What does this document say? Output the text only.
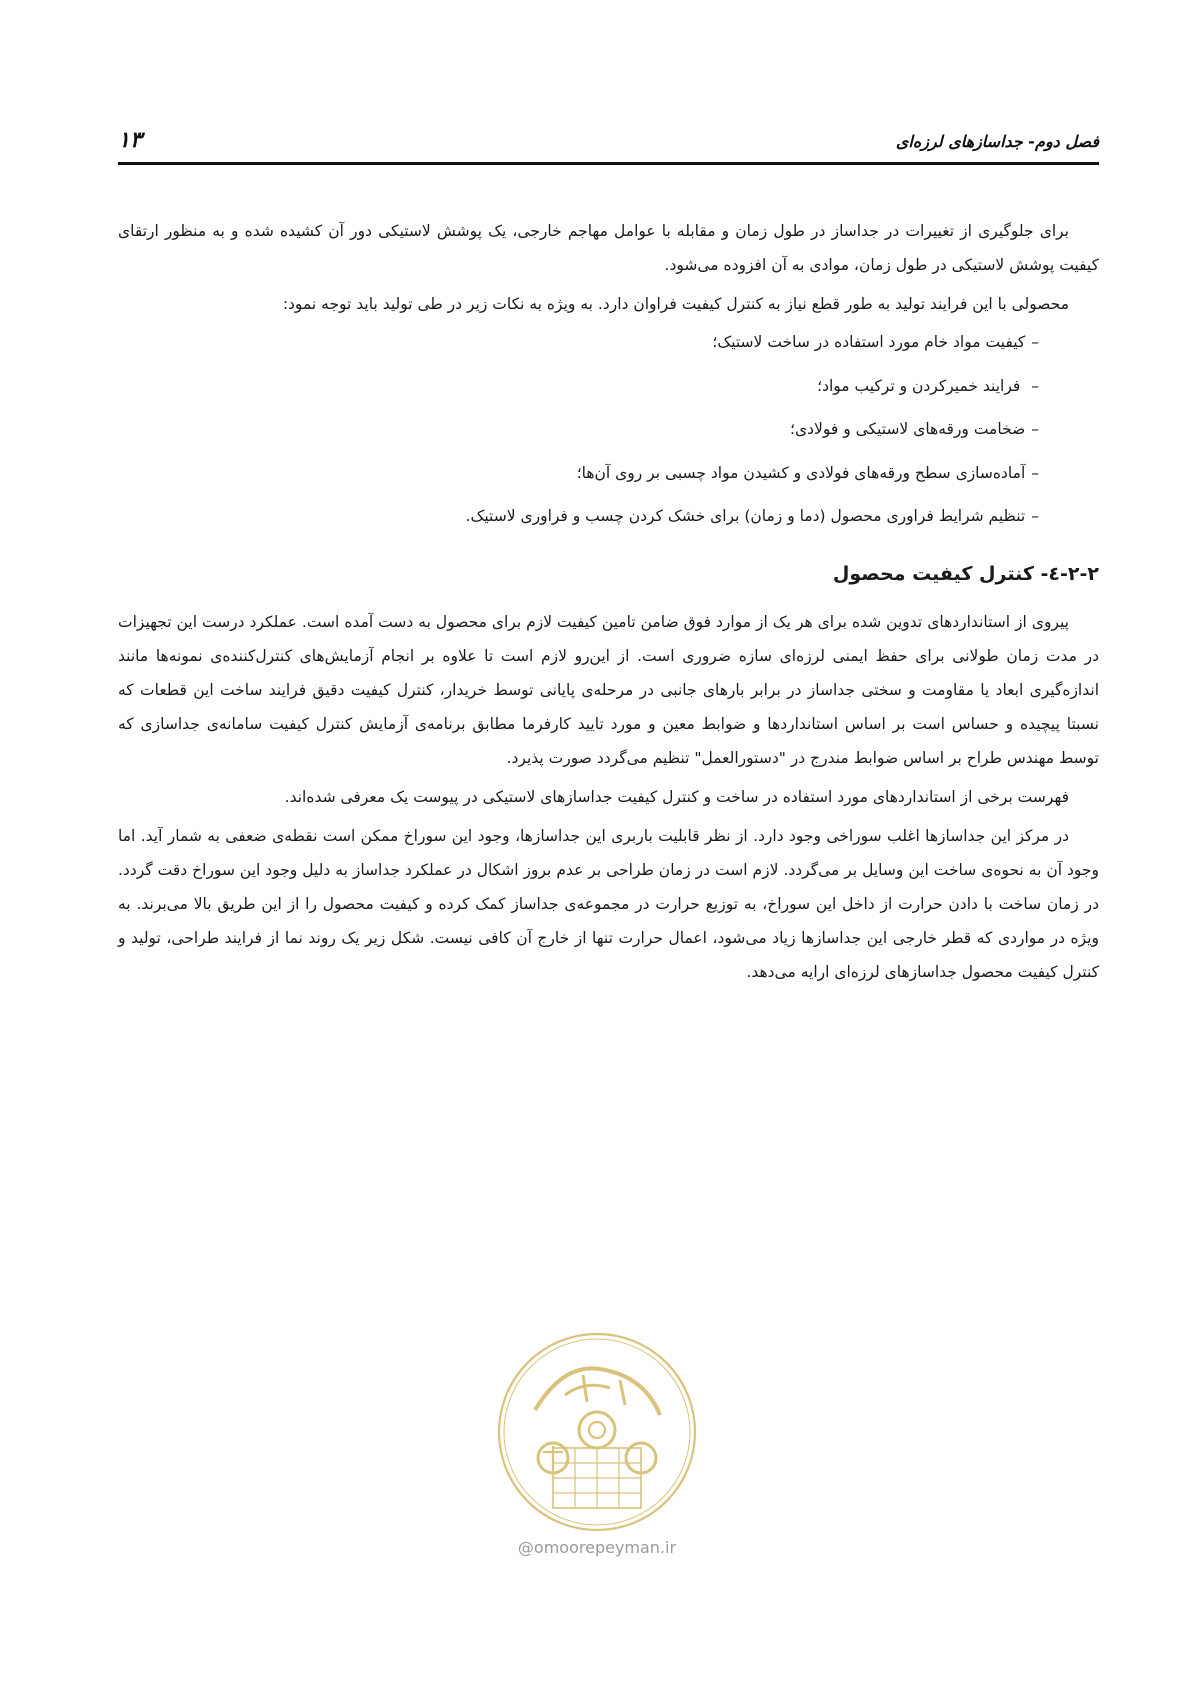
فصل دوم- جداسازهای لرزه‌ای
۱۳

برای جلوگیری از تغییرات در جداساز در طول زمان و مقابله با عوامل مهاجم خارجی، یک پوشش لاستیکی دور آن کشیده شده و به منظور ارتقای کیفیت پوشش لاستیکی در طول زمان، موادی به آن افزوده می‌شود.

محصولی با این فرایند تولید به طور قطع نیاز به کنترل کیفیت فراوان دارد. به ویژه به نکات زیر در طی تولید باید توجه نمود:

–کیفیت مواد خام مورد استفاده در ساخت لاستیک؛
– فرایند خمیرکردن و ترکیب مواد؛
–ضخامت ورقه‌های لاستیکی و فولادی؛
–آماده‌سازی سطح ورقه‌های فولادی و کشیدن مواد چسبی بر روی آن‌ها؛
–تنظیم شرایط فراوری محصول (دما و زمان) برای خشک کردن چسب و فراوری لاستیک.
۲-۲-٤- کنترل کیفیت محصول

پیروی از استانداردهای تدوین شده برای هر یک از موارد فوق ضامن تامین کیفیت لازم برای محصول به دست آمده است. عملکرد درست این تجهیزات در مدت زمان طولانی برای حفظ ایمنی لرزه‌ای سازه ضروری است. از این‌رو لازم است تا علاوه بر انجام آزمایش‌های کنترل‌کننده‌ی نمونه‌ها مانند اندازه‌گیری ابعاد یا مقاومت و سختی جداساز در برابر بارهای جانبی در مرحله‌ی پایانی توسط خریدار، کنترل کیفیت دقیق فرایند ساخت این قطعات که نسبتا پیچیده و حساس است بر اساس استانداردها و ضوابط معین و مورد تایید کارفرما مطابق برنامه‌ی آزمایش کنترل کیفیت سامانه‌ی جداسازی که توسط مهندس طراح بر اساس ضوابط مندرج در "دستورالعمل" تنظیم می‌گردد صورت پذیرد.

فهرست برخی از استانداردهای مورد استفاده در ساخت و کنترل کیفیت جداسازهای لاستیکی در پیوست یک معرفی شده‌اند.

در مرکز این جداسازها اغلب سوراخی وجود دارد. از نظر قابلیت باربری این جداسازها، وجود این سوراخ ممکن است نقطه‌ی ضعفی به شمار آید. اما وجود آن به نحوه‌ی ساخت این وسایل بر می‌گردد. لازم است در زمان طراحی بر عدم بروز اشکال در عملکرد جداساز به دلیل وجود این سوراخ دقت گردد. در زمان ساخت با دادن حرارت از داخل این سوراخ، به توزیع حرارت در مجموعه‌ی جداساز کمک کرده و کیفیت محصول را از این طریق بالا می‌برند. به ویژه در مواردی که قطر خارجی این جداسازها زیاد می‌شود، اعمال حرارت تنها از خارج آن کافی نیست. شکل زیر یک روند نما از فرایند طراحی، تولید و کنترل کیفیت محصول جداسازهای لرزه‌ای ارایه می‌دهد.

@omoorepeyman.ir
